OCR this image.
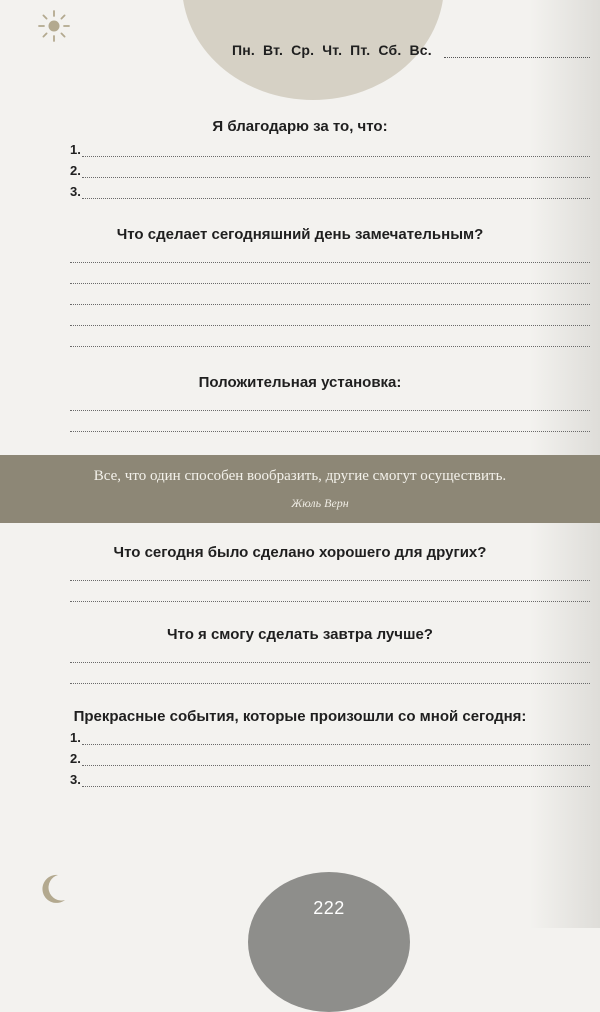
Пн. Вт. Ср. Чт. Пт. Сб. Вс.
Я благодарю за то, что:
1.
2.
3.
Что сделает сегодняшний день замечательным?
Положительная установка:
Все, что один способен вообразить, другие смогут осуществить.
Жюль Верн
Что сегодня было сделано хорошего для других?
Что я смогу сделать завтра лучше?
Прекрасные события, которые произошли со мной сегодня:
1.
2.
3.
222
